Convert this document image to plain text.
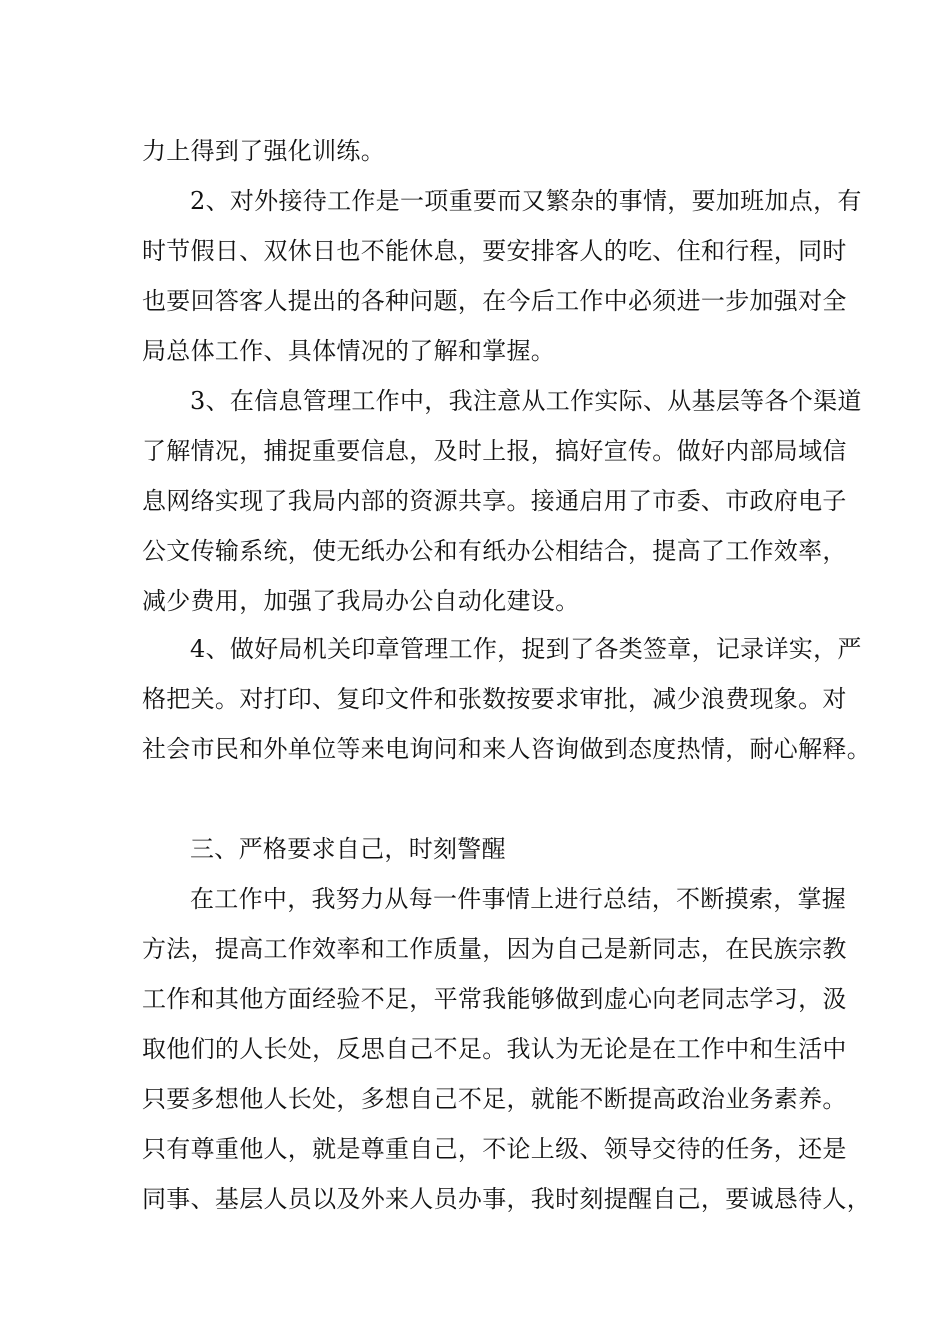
力上得到了强化训练。
2、对外接待工作是一项重要而又繁杂的事情，要加班加点，有
时节假日、双休日也不能休息，要安排客人的吃、住和行程，同时
也要回答客人提出的各种问题，在今后工作中必须进一步加强对全
局总体工作、具体情况的了解和掌握。
3、在信息管理工作中，我注意从工作实际、从基层等各个渠道
了解情况，捕捉重要信息，及时上报，搞好宣传。做好内部局域信
息网络实现了我局内部的资源共享。接通启用了市委、市政府电子
公文传输系统，使无纸办公和有纸办公相结合，提高了工作效率，
减少费用，加强了我局办公自动化建设。
4、做好局机关印章管理工作，捉到了各类签章，记录详实，严
格把关。对打印、复印文件和张数按要求审批，减少浪费现象。对
社会市民和外单位等来电询问和来人咨询做到态度热情，耐心解释。
三、严格要求自己，时刻警醒
在工作中，我努力从每一件事情上进行总结，不断摸索，掌握
方法，提高工作效率和工作质量，因为自己是新同志，在民族宗教
工作和其他方面经验不足，平常我能够做到虚心向老同志学习，汲
取他们的人长处，反思自己不足。我认为无论是在工作中和生活中
只要多想他人长处，多想自己不足，就能不断提高政治业务素养。
只有尊重他人，就是尊重自己，不论上级、领导交待的任务，还是
同事、基层人员以及外来人员办事，我时刻提醒自己，要诚恳待人，
